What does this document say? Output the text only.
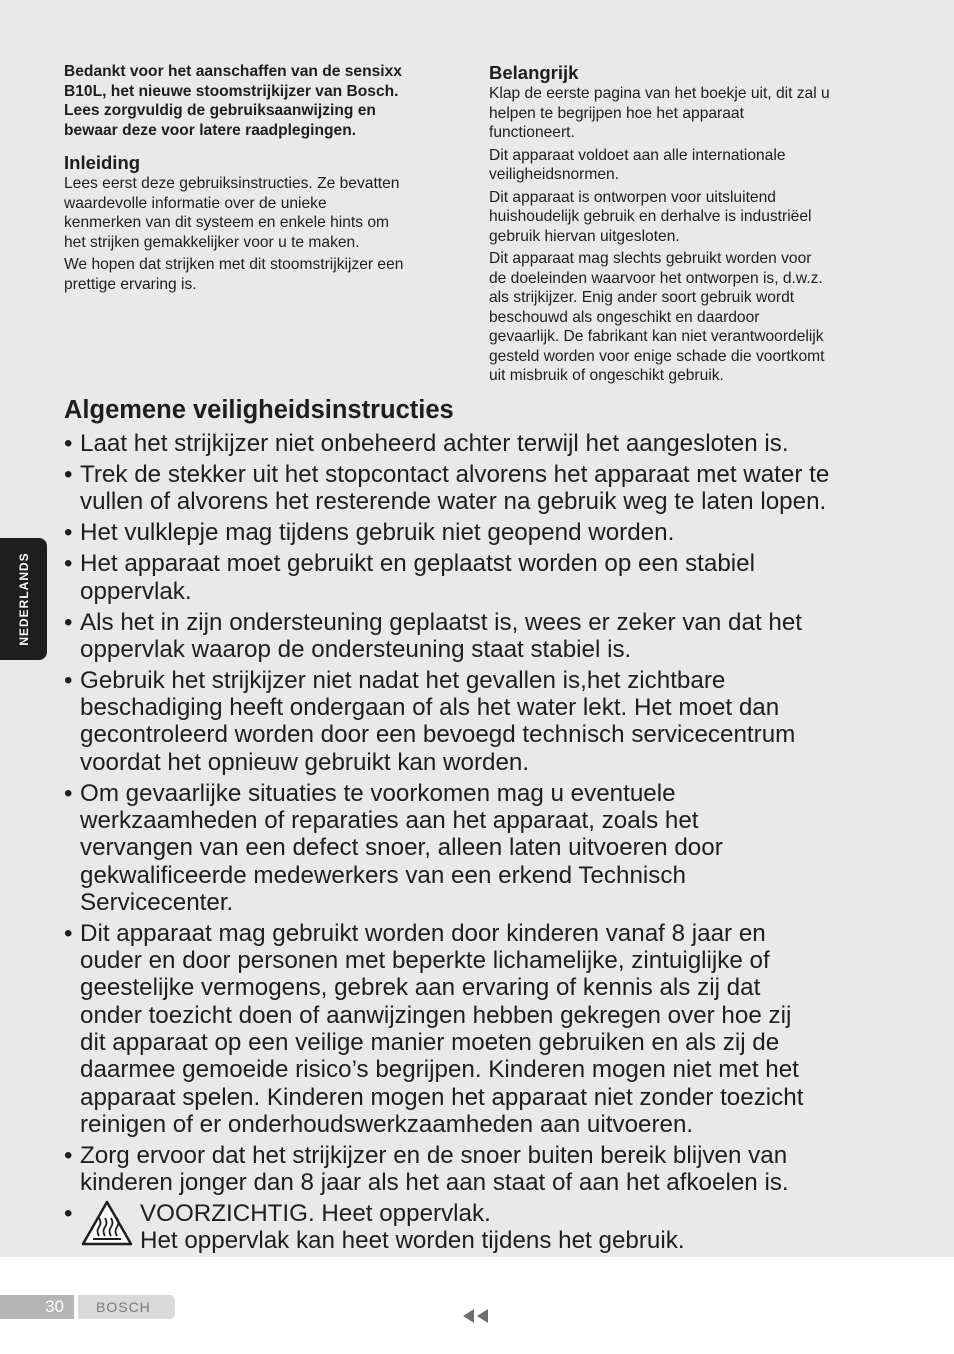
NEDERLANDS
Bedankt voor het aanschaffen van de sensixx
B10L, het nieuwe stoomstrijkijzer van Bosch.
Lees zorgvuldig de gebruiksaanwijzing en
bewaar deze voor latere raadplegingen.
Inleiding
Lees eerst deze gebruiksinstructies. Ze bevatten
waardevolle informatie over de unieke
kenmerken van dit systeem en enkele hints om
het strijken gemakkelijker voor u te maken.
We hopen dat strijken met dit stoomstrijkijzer een
prettige ervaring is.
Belangrijk
Klap de eerste pagina van het boekje uit, dit zal u
helpen te begrijpen hoe het apparaat
functioneert.
Dit apparaat voldoet aan alle internationale
veiligheidsnormen.
Dit apparaat is ontworpen voor uitsluitend
huishoudelijk gebruik en derhalve is industriëel
gebruik hiervan uitgesloten.
Dit apparaat mag slechts gebruikt worden voor
de doeleinden waarvoor het ontworpen is, d.w.z.
als strijkijzer. Enig ander soort gebruik wordt
beschouwd als ongeschikt en daardoor
gevaarlijk. De fabrikant kan niet verantwoordelijk
gesteld worden voor enige schade die voortkomt
uit misbruik of ongeschikt gebruik.
Algemene veiligheidsinstructies
• Laat het strijkijzer niet onbeheerd achter terwijl het aangesloten is.
• Trek de stekker uit het stopcontact alvorens het apparaat met water te
vullen of alvorens het resterende water na gebruik weg te laten lopen.
• Het vulklepje mag tijdens gebruik niet geopend worden.
• Het apparaat moet gebruikt en geplaatst worden op een stabiel
oppervlak.
• Als het in zijn ondersteuning geplaatst is, wees er zeker van dat het
oppervlak waarop de ondersteuning staat stabiel is.
• Gebruik het strijkijzer niet nadat het gevallen is,het zichtbare
beschadiging heeft ondergaan of als het water lekt. Het moet dan
gecontroleerd worden door een bevoegd technisch servicecentrum
voordat het opnieuw gebruikt kan worden.
• Om gevaarlijke situaties te voorkomen mag u eventuele
werkzaamheden of reparaties aan het apparaat, zoals het
vervangen van een defect snoer, alleen laten uitvoeren door
gekwalificeerde medewerkers van een erkend Technisch
Servicecenter.
• Dit apparaat mag gebruikt worden door kinderen vanaf 8 jaar en
ouder en door personen met beperkte lichamelijke, zintuiglijke of
geestelijke vermogens, gebrek aan ervaring of kennis als zij dat
onder toezicht doen of aanwijzingen hebben gekregen over hoe zij
dit apparaat op een veilige manier moeten gebruiken en als zij de
daarmee gemoeide risico’s begrijpen. Kinderen mogen niet met het
apparaat spelen. Kinderen mogen het apparaat niet zonder toezicht
reinigen of er onderhoudswerkzaamheden aan uitvoeren.
• Zorg ervoor dat het strijkijzer en de snoer buiten bereik blijven van
kinderen jonger dan 8 jaar als het aan staat of aan het afkoelen is.
•	VOORZICHTIG. Heet oppervlak.
Het oppervlak kan heet worden tijdens het gebruik.
30	BOSCH
